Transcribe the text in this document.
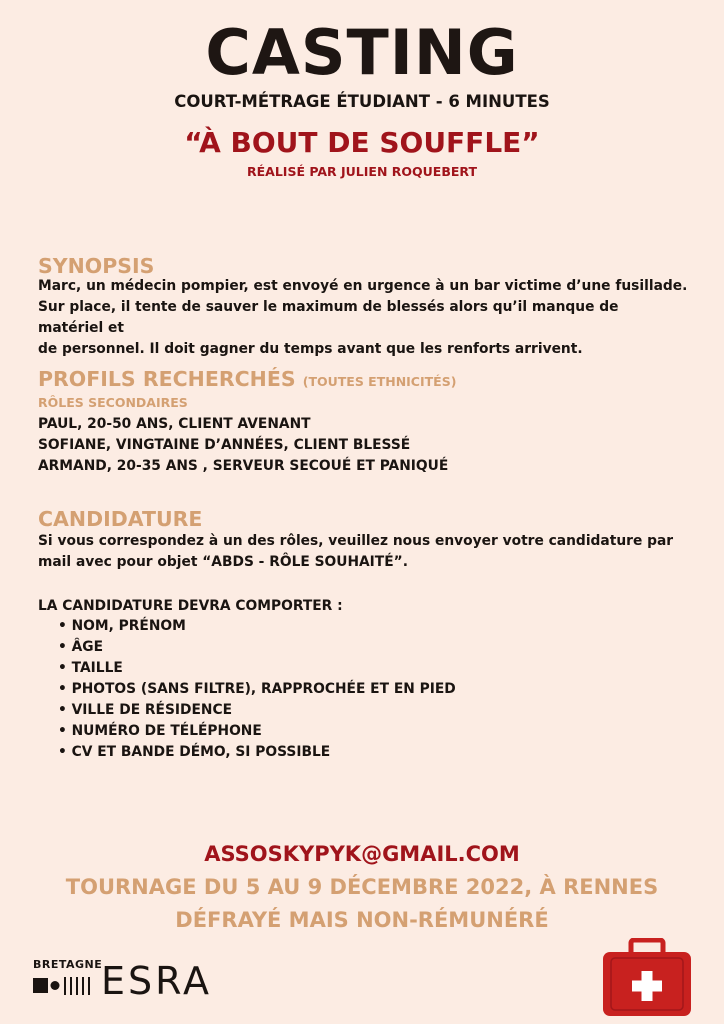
CASTING
COURT-MÉTRAGE ÉTUDIANT - 6 MINUTES
“À BOUT DE SOUFFLE”
RÉALISÉ PAR JULIEN ROQUEBERT
SYNOPSIS
Marc, un médecin pompier, est envoyé en urgence à un bar victime d’une fusillade.
Sur place, il tente de sauver le maximum de blessés alors qu’il manque de matériel et
de personnel. Il doit gagner du temps avant que les renforts arrivent.
PROFILS RECHERCHÉS (TOUTES ETHNICITÉS)
RÔLES SECONDAIRES
PAUL, 20-50 ANS, CLIENT AVENANT
SOFIANE, VINGTAINE D’ANNÉES, CLIENT BLESSÉ
ARMAND, 20-35 ANS , SERVEUR SECOUÉ ET PANIQUÉ
CANDIDATURE
Si vous correspondez à un des rôles, veuillez nous envoyer votre candidature par
mail avec pour objet “ABDS - RÔLE SOUHAITÉ”.
LA CANDIDATURE DEVRA COMPORTER :
• NOM, PRÉNOM
• ÂGE
• TAILLE
• PHOTOS (SANS FILTRE), RAPPROCHÉE ET EN PIED
• VILLE DE RÉSIDENCE
• NUMÉRO DE TÉLÉPHONE
• CV ET BANDE DÉMO, SI POSSIBLE
ASSOSKYPYK@GMAIL.COM
TOURNAGE DU 5 AU 9 DÉCEMBRE 2022, À RENNES
DÉFRAYÉ MAIS NON-RÉMUNÉRÉ
BRETAGNE
ESRA
